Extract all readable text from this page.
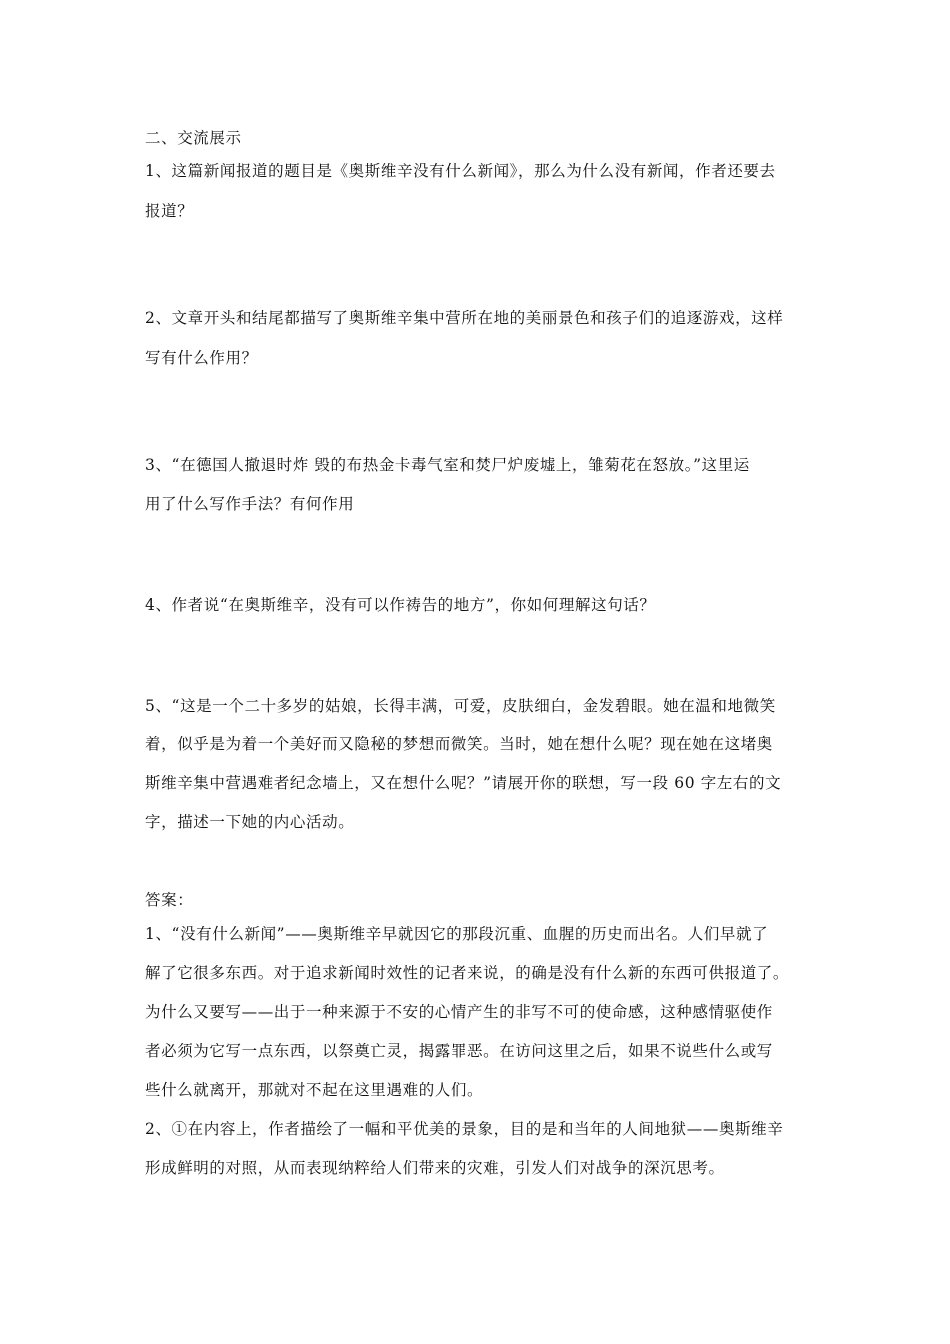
二、交流展示
1、这篇新闻报道的题目是《奥斯维辛没有什么新闻》，那么为什么没有新闻，作者还要去
报道？
2、文章开头和结尾都描写了奥斯维辛集中营所在地的美丽景色和孩子们的追逐游戏，这样
写有什么作用？
3、“在德国人撤退时炸 毁的布热金卡毒气室和焚尸炉废墟上，雏菊花在怒放。”这里运
用了什么写作手法？有何作用
4、作者说“在奥斯维辛，没有可以作祷告的地方”，你如何理解这句话？
5、“这是一个二十多岁的姑娘，长得丰满，可爱，皮肤细白，金发碧眼。她在温和地微笑
着，似乎是为着一个美好而又隐秘的梦想而微笑。当时，她在想什么呢？现在她在这堵奥
斯维辛集中营遇难者纪念墙上，又在想什么呢？”请展开你的联想，写一段 60 字左右的文
字，描述一下她的内心活动。
答案：
1、“没有什么新闻”——奥斯维辛早就因它的那段沉重、血腥的历史而出名。人们早就了
解了它很多东西。对于追求新闻时效性的记者来说，的确是没有什么新的东西可供报道了。
为什么又要写——出于一种来源于不安的心情产生的非写不可的使命感，这种感情驱使作
者必须为它写一点东西，以祭奠亡灵，揭露罪恶。在访问这里之后，如果不说些什么或写
些什么就离开，那就对不起在这里遇难的人们。
2、①在内容上，作者描绘了一幅和平优美的景象，目的是和当年的人间地狱——奥斯维辛
形成鲜明的对照，从而表现纳粹给人们带来的灾难，引发人们对战争的深沉思考。
